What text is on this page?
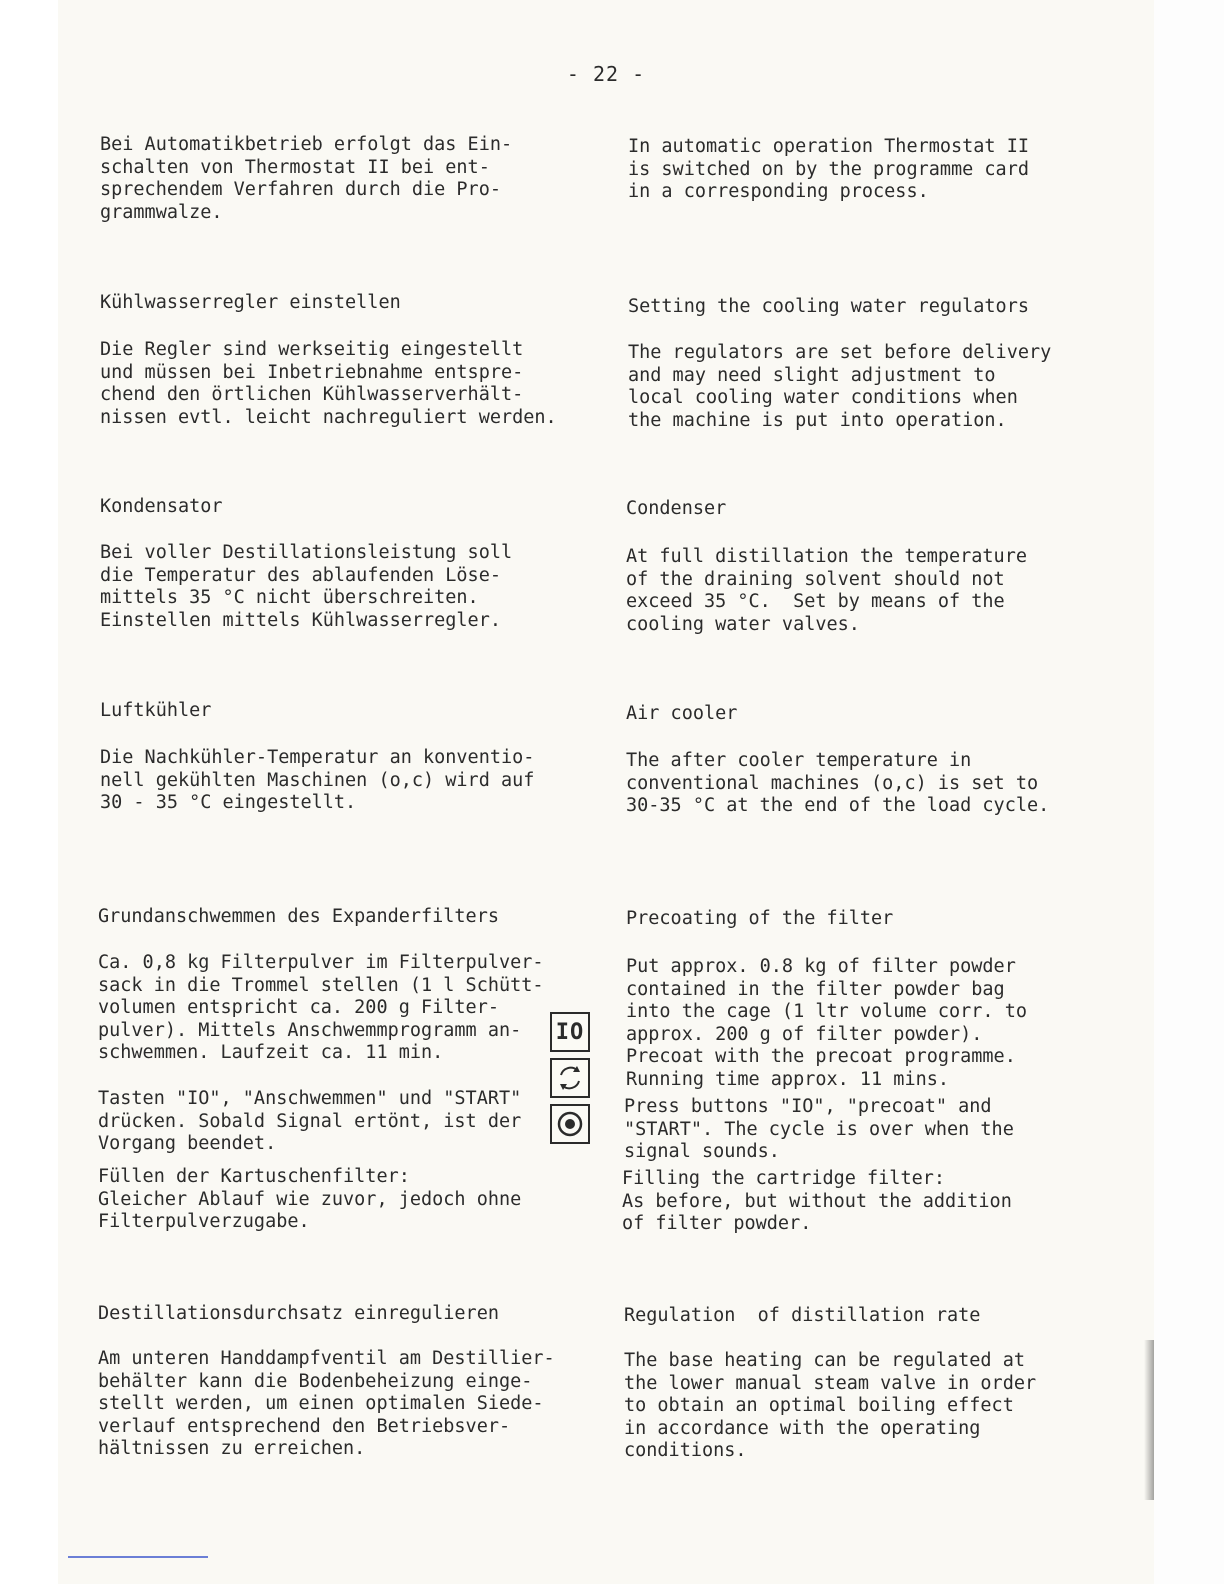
- 22 -
Bei Automatikbetrieb erfolgt das Ein-
schalten von Thermostat II bei ent-
sprechendem Verfahren durch die Pro-
grammwalze.
In automatic operation Thermostat II
is switched on by the programme card
in a corresponding process.
Kühlwasserregler einstellen	Setting the cooling water regulators
Die Regler sind werkseitig eingestellt
und müssen bei Inbetriebnahme entspre-
chend den örtlichen Kühlwasserverhält-
nissen evtl. leicht nachreguliert werden.
The regulators are set before delivery
and may need slight adjustment to
local cooling water conditions when
the machine is put into operation.
Kondensator	Condenser
Bei voller Destillationsleistung soll
die Temperatur des ablaufenden Löse-
mittels 35 °C nicht überschreiten.
Einstellen mittels Kühlwasserregler.
At full distillation the temperature
of the draining solvent should not
exceed 35 °C.  Set by means of the
cooling water valves.
Luftkühler	Air cooler
Die Nachkühler-Temperatur an konventio-
nell gekühlten Maschinen (o,c) wird auf
30 - 35 °C eingestellt.
The after cooler temperature in
conventional machines (o,c) is set to
30-35 °C at the end of the load cycle.
Grundanschwemmen des Expanderfilters	Precoating of the filter
Ca. 0,8 kg Filterpulver im Filterpulver-
sack in die Trommel stellen (1 l Schütt-
volumen entspricht ca. 200 g Filter-
pulver). Mittels Anschwemmprogramm an-
schwemmen. Laufzeit ca. 11 min.
Put approx. 0.8 kg of filter powder
contained in the filter powder bag
into the cage (1 ltr volume corr. to
approx. 200 g of filter powder).
Precoat with the precoat programme.
Running time approx. 11 mins.
Tasten "IO", "Anschwemmen" und "START"
drücken. Sobald Signal ertönt, ist der
Vorgang beendet.
Press buttons "IO", "precoat" and
"START". The cycle is over when the
signal sounds.
Füllen der Kartuschenfilter:
Gleicher Ablauf wie zuvor, jedoch ohne
Filterpulverzugabe.
Filling the cartridge filter:
As before, but without the addition
of filter powder.
IO
Destillationsdurchsatz einregulieren	Regulation  of distillation rate
Am unteren Handdampfventil am Destillier-
behälter kann die Bodenbeheizung einge-
stellt werden, um einen optimalen Siede-
verlauf entsprechend den Betriebsver-
hältnissen zu erreichen.
The base heating can be regulated at
the lower manual steam valve in order
to obtain an optimal boiling effect
in accordance with the operating
conditions.
